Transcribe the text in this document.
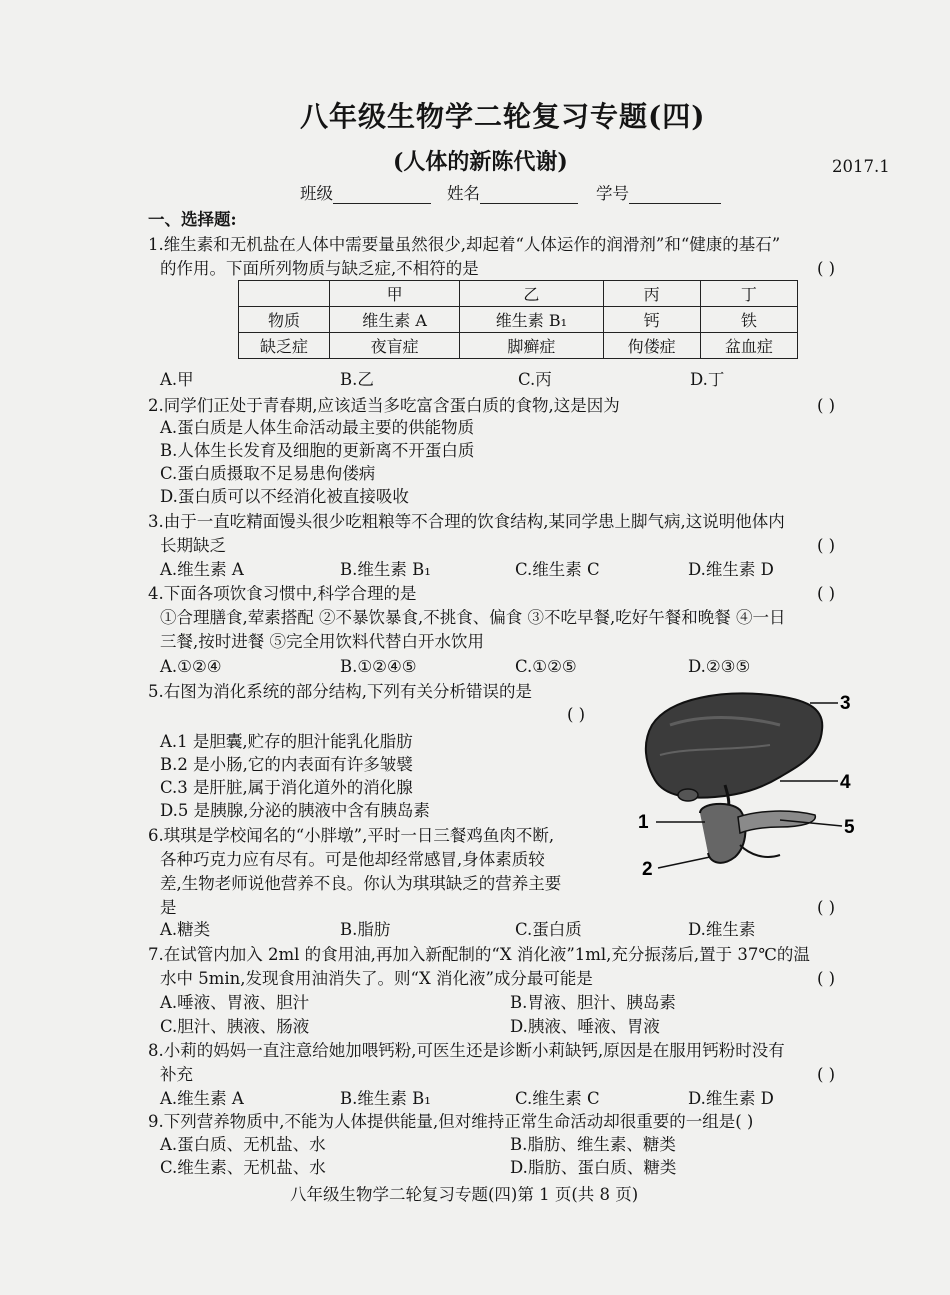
八年级生物学二轮复习专题(四)
(人体的新陈代谢)	2017.1
班级	姓名	学号
一、选择题:
1.维生素和无机盐在人体中需要量虽然很少,却起着“人体运作的润滑剂”和“健康的基石”
的作用。下面所列物质与缺乏症,不相符的是	( )
	甲	乙	丙	丁
物质	维生素 A	维生素 B₁	钙	铁
缺乏症	夜盲症	脚癣症	佝偻症	盆血症
A.甲	B.乙	C.丙	D.丁
2.同学们正处于青春期,应该适当多吃富含蛋白质的食物,这是因为	( )
A.蛋白质是人体生命活动最主要的供能物质
B.人体生长发育及细胞的更新离不开蛋白质
C.蛋白质摄取不足易患佝偻病
D.蛋白质可以不经消化被直接吸收
3.由于一直吃精面馒头很少吃粗粮等不合理的饮食结构,某同学患上脚气病,这说明他体内
长期缺乏	( )
A.维生素 A	B.维生素 B₁	C.维生素 C	D.维生素 D
4.下面各项饮食习惯中,科学合理的是	( )
①合理膳食,荤素搭配 ②不暴饮暴食,不挑食、偏食 ③不吃早餐,吃好午餐和晚餐 ④一日
三餐,按时进餐 ⑤完全用饮料代替白开水饮用
A.①②④	B.①②④⑤	C.①②⑤	D.②③⑤
5.右图为消化系统的部分结构,下列有关分析错误的是
( )
A.1 是胆囊,贮存的胆汁能乳化脂肪
B.2 是小肠,它的内表面有许多皱襞
C.3 是肝脏,属于消化道外的消化腺
D.5 是胰腺,分泌的胰液中含有胰岛素
3
4
5
1
2
6.琪琪是学校闻名的“小胖墩”,平时一日三餐鸡鱼肉不断,
各种巧克力应有尽有。可是他却经常感冒,身体素质较
差,生物老师说他营养不良。你认为琪琪缺乏的营养主要
是	( )
A.糖类	B.脂肪	C.蛋白质	D.维生素
7.在试管内加入 2ml 的食用油,再加入新配制的“X 消化液”1ml,充分振荡后,置于 37℃的温
水中 5min,发现食用油消失了。则“X 消化液”成分最可能是	( )
A.唾液、胃液、胆汁	B.胃液、胆汁、胰岛素
C.胆汁、胰液、肠液	D.胰液、唾液、胃液
8.小莉的妈妈一直注意给她加喂钙粉,可医生还是诊断小莉缺钙,原因是在服用钙粉时没有
补充	( )
A.维生素 A	B.维生素 B₁	C.维生素 C	D.维生素 D
9.下列营养物质中,不能为人体提供能量,但对维持正常生命活动却很重要的一组是( )
A.蛋白质、无机盐、水	B.脂肪、维生素、糖类
C.维生素、无机盐、水	D.脂肪、蛋白质、糖类
八年级生物学二轮复习专题(四)第 1 页(共 8 页)
